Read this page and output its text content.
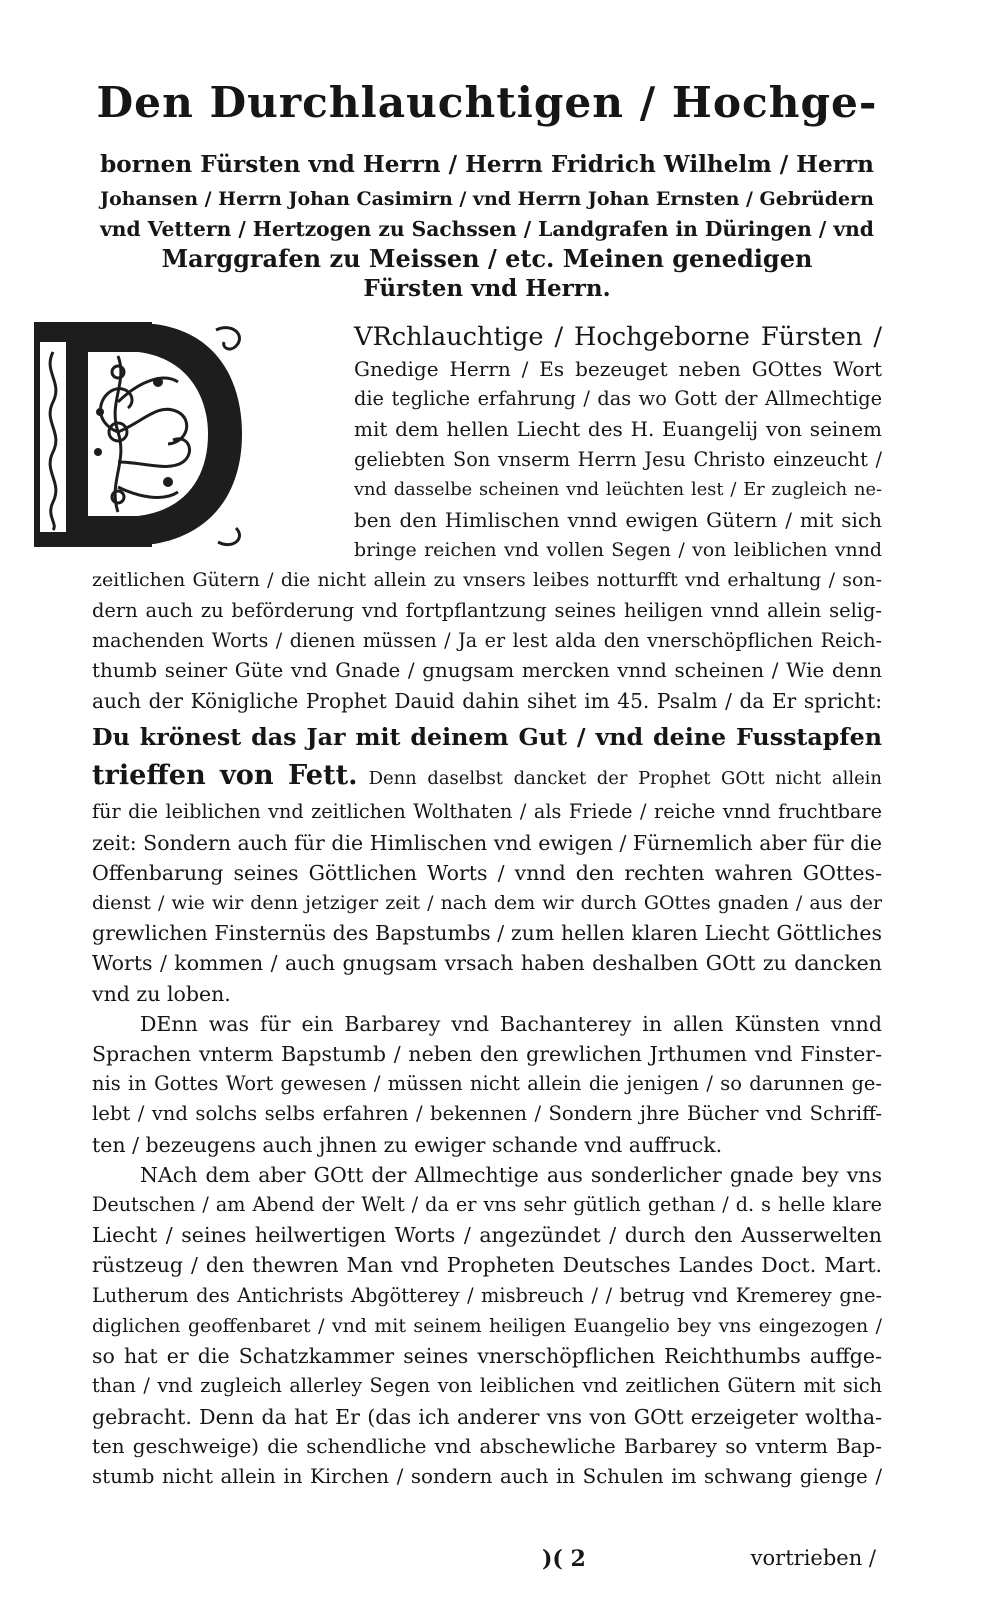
Den Durchlauchtigen / Hochge-

bornen Fürsten vnd Herrn / Herrn Fridrich Wilhelm / Herrn

Johansen / Herrn Johan Casimirn / vnd Herrn Johan Ernsten / Gebrüdern

vnd Vettern / Hertzogen zu Sachssen / Landgrafen in Düringen / vnd

Marggrafen zu Meissen / etc. Meinen genedigen

Fürsten vnd Herrn.

VRchlauchtige / Hochgeborne Fürsten /

Gnedige Herrn / Es bezeuget neben GOttes Wort

die tegliche erfahrung / das wo Gott der Allmechtige

mit dem hellen Liecht des H. Euangelij von seinem

geliebten Son vnserm Herrn Jesu Christo einzeucht /

vnd dasselbe scheinen vnd leüchten lest / Er zugleich ne-

ben den Himlischen vnnd ewigen Gütern / mit sich

bringe reichen vnd vollen Segen / von leiblichen vnnd

zeitlichen Gütern / die nicht allein zu vnsers leibes notturfft vnd erhaltung / son-

dern auch zu beförderung vnd fortpflantzung seines heiligen vnnd allein selig-

machenden Worts / dienen müssen / Ja er lest alda den vnerschöpflichen Reich-

thumb seiner Güte vnd Gnade / gnugsam mercken vnnd scheinen / Wie denn

auch der Königliche Prophet Dauid dahin sihet im 45. Psalm / da Er spricht:

Du krönest das Jar mit deinem Gut / vnd deine Fusstapfen

trieffen von Fett. Denn daselbst dancket der Prophet GOtt nicht allein

für die leiblichen vnd zeitlichen Wolthaten / als Friede / reiche vnnd fruchtbare

zeit: Sondern auch für die Himlischen vnd ewigen / Fürnemlich aber für die

Offenbarung seines Göttlichen Worts / vnnd den rechten wahren GOttes-

dienst / wie wir denn jetziger zeit / nach dem wir durch GOttes gnaden / aus der

grewlichen Finsternüs des Bapstumbs / zum hellen klaren Liecht Göttliches

Worts / kommen / auch gnugsam vrsach haben deshalben GOtt zu dancken

vnd zu loben.

DEnn was für ein Barbarey vnd Bachanterey in allen Künsten vnnd

Sprachen vnterm Bapstumb / neben den grewlichen Jrthumen vnd Finster-

nis in Gottes Wort gewesen / müssen nicht allein die jenigen / so darunnen ge-

lebt / vnd solchs selbs erfahren / bekennen / Sondern jhre Bücher vnd Schriff-

ten / bezeugens auch jhnen zu ewiger schande vnd auffruck.

NAch dem aber GOtt der Allmechtige aus sonderlicher gnade bey vns

Deutschen / am Abend der Welt / da er vns sehr gütlich gethan / d. s helle klare

Liecht / seines heilwertigen Worts / angezündet / durch den Ausserwelten

rüstzeug / den thewren Man vnd Propheten Deutsches Landes Doct. Mart.

Lutherum des Antichrists Abgötterey / misbreuch / / betrug vnd Kremerey gne-

diglichen geoffenbaret / vnd mit seinem heiligen Euangelio bey vns eingezogen /

so hat er die Schatzkammer seines vnerschöpflichen Reichthumbs auffge-

than / vnd zugleich allerley Segen von leiblichen vnd zeitlichen Gütern mit sich

gebracht. Denn da hat Er (das ich anderer vns von GOtt erzeigeter woltha-

ten geschweige) die schendliche vnd abschewliche Barbarey so vnterm Bap-

stumb nicht allein in Kirchen / sondern auch in Schulen im schwang gienge /

)( 2	vortrieben /
